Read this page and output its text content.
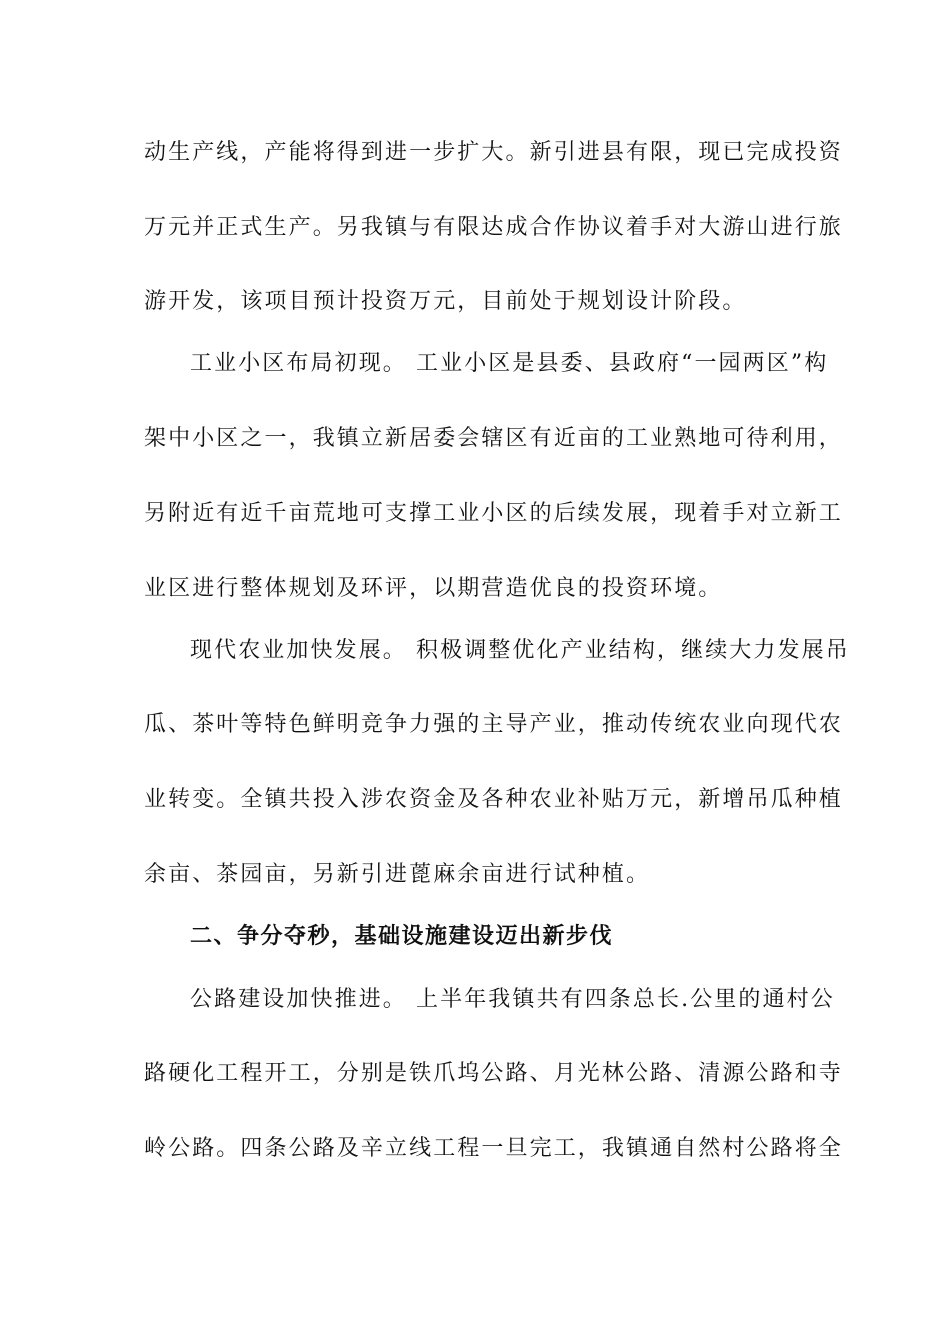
动生产线，产能将得到进一步扩大。新引进县有限，现已完成投资
万元并正式生产。另我镇与有限达成合作协议着手对大游山进行旅
游开发，该项目预计投资万元，目前处于规划设计阶段。
工业小区布局初现。 工业小区是县委、县政府“一园两区”构
架中小区之一，我镇立新居委会辖区有近亩的工业熟地可待利用，
另附近有近千亩荒地可支撑工业小区的后续发展，现着手对立新工
业区进行整体规划及环评，以期营造优良的投资环境。
现代农业加快发展。 积极调整优化产业结构，继续大力发展吊
瓜、茶叶等特色鲜明竞争力强的主导产业，推动传统农业向现代农
业转变。全镇共投入涉农资金及各种农业补贴万元，新增吊瓜种植
余亩、茶园亩，另新引进蓖麻余亩进行试种植。
二、争分夺秒，基础设施建设迈出新步伐
公路建设加快推进。 上半年我镇共有四条总长.公里的通村公
路硬化工程开工，分别是铁爪坞公路、月光林公路、清源公路和寺
岭公路。四条公路及辛立线工程一旦完工，我镇通自然村公路将全
